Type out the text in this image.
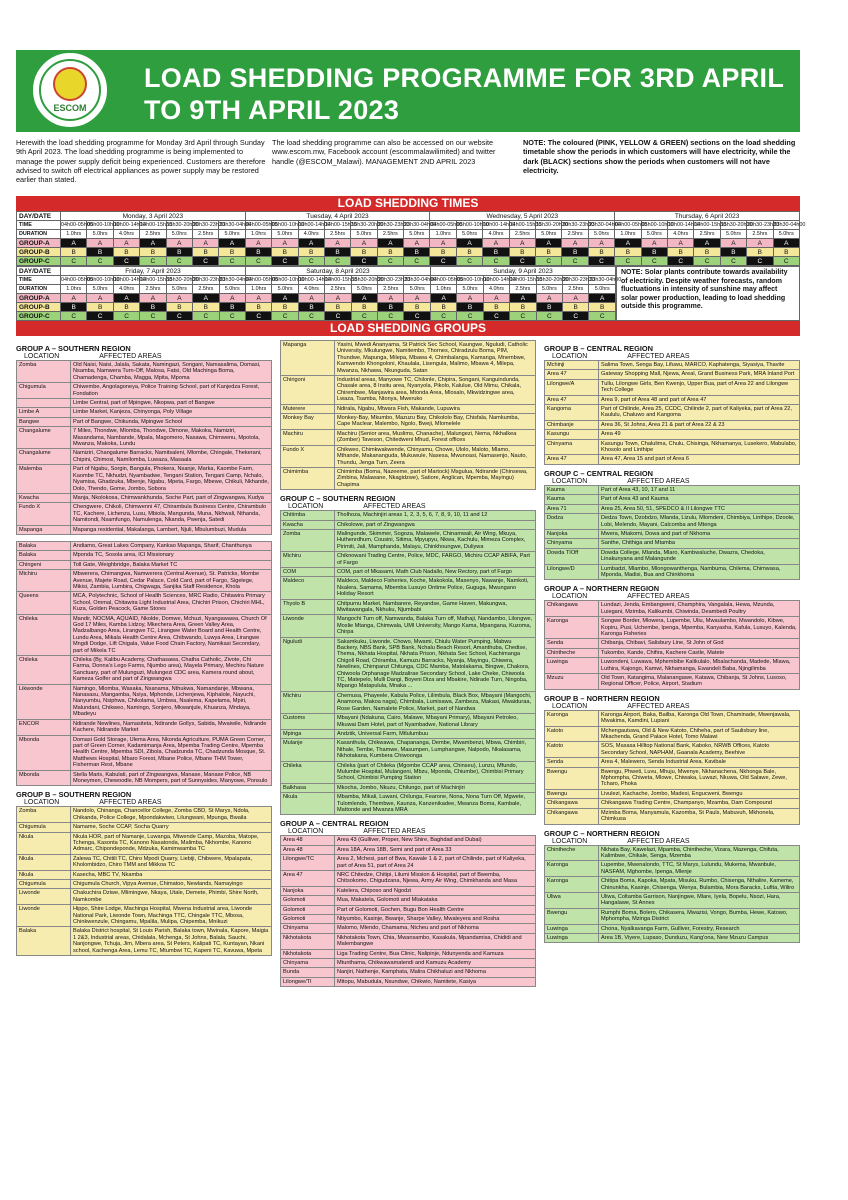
ESCOM
LOAD SHEDDING PROGRAMME FOR 3RD APRIL
TO 9TH APRIL 2023
Herewith the load shedding programme for Monday 3rd April through Sunday 9th April 2023. The load shedding programme is being implemented to manage the power supply deficit being experienced. Customers are therefore advised to switch off electrical appliances as power supply may be restored earlier than stated.
The load shedding programme can also be accessed on our website www.escom.mw, Facebook account (escommalawilimited) and twitter handle (@ESCOM_Malawi). MANAGEMENT 2ND APRIL 2023
NOTE: The coloured (PINK, YELLOW & GREEN) sections on the load shedding timetable show the periods in which customers will have electricity, while the dark (BLACK) sections show the periods when customers will not have electricity.
LOAD SHEDDING TIMES
DAY/DATE	Monday, 3 April 2023							Tuesday, 4 April 2023							Wednesday, 5 April 2023							Thursday, 6 April 2023						
TIME	04h00-05h00	05h00-10h00	10h00-14h00	14h00-15h30	15h30-20h30	20h30-23h30	23h30-04h00	04h00-05h00	05h00-10h00	10h00-14h00	14h00-15h30	15h30-20h30	20h30-23h30	23h30-04h00	04h00-05h00	05h00-10h00	10h00-14h00	14h00-15h30	15h30-20h30	20h30-23h30	23h30-04h00	04h00-05h00	05h00-10h00	10h00-14h00	14h00-15h30	15h30-20h30	20h30-23h30	23h30-04h00
DURATION	1.0hrs	5.0hrs	4.0hrs	2.5hrs	5.0hrs	2.5hrs	5.0hrs	1.0hrs	5.0hrs	4.0hrs	2.5hrs	5.0hrs	2.5hrs	5.0hrs	1.0hrs	5.0hrs	4.0hrs	2.5hrs	5.0hrs	2.5hrs	5.0hrs	1.0hrs	5.0hrs	4.0hrs	2.5hrs	5.0hrs	2.5hrs	5.0hrs
GROUP-A	A	A	A	A	A	A	A	A	A	A	A	A	A	A	A	A	A	A	A	A	A	A	A	A	A	A	A	A
GROUP-B	B	B	B	B	B	B	B	B	B	B	B	B	B	B	B	B	B	B	B	B	B	B	B	B	B	B	B	B
GROUP-C	C	C	C	C	C	C	C	C	C	C	C	C	C	C	C	C	C	C	C	C	C	C	C	C	C	C	C	C
DAY/DATE	Friday, 7 April 2023							Saturday, 8 April 2023							Sunday, 9 April 2023						
TIME	04h00-05h00	05h00-10h00	10h00-14h00	14h00-15h30	15h30-20h30	20h30-23h30	23h30-04h00	04h00-05h00	05h00-10h00	10h00-14h00	14h00-15h30	15h30-20h30	20h30-23h30	23h30-04h00	04h00-05h00	05h00-10h00	10h00-14h00	14h00-15h30	15h30-20h30	20h30-23h30	23h30-04h00
DURATION	1.0hrs	5.0hrs	4.0hrs	2.5hrs	5.0hrs	2.5hrs	5.0hrs	1.0hrs	5.0hrs	4.0hrs	2.5hrs	5.0hrs	2.5hrs	5.0hrs	1.0hrs	5.0hrs	4.0hrs	2.5hrs	5.0hrs	2.5hrs	5.0hrs
GROUP-A	A	A	A	A	A	A	A	A	A	A	A	A	A	A	A	A	A	A	A	A	A
GROUP-B	B	B	B	B	B	B	B	B	B	B	B	B	B	B	B	B	B	B	B	B	B
GROUP-C	C	C	C	C	C	C	C	C	C	C	C	C	C	C	C	C	C	C	C	C	C
NOTE: Solar plants contribute towards availability of electricity. Despite weather forecasts, random fluctuations in intensity of sunshine may affect solar power production, leading to load shedding outside this programme.
LOAD SHEDDING GROUPS
GROUP A – SOUTHERN REGION
LOCATION	AFFECTED AREAS
Zomba	Old Naisi, Naisi, Jalala, Sakata, Namingazi, Songani, Namasalima, Domasi, Nsamba, Namwera Turn-Off, Malosa, Fatsi, Old Machinga Boma, Chamadenga, Chamba, Magga, Mpita, Mpoma
Chigumula	Chiwembe, Angolagoneya, Police Training School, part of Kanjedza Forest, Fondation
	Limbe Central, part of Mpingwe, Nkopwa, part of Bangwe
Limbe A	Limbe Market, Kanjeza, Chinyonga, Poly Village
Bangwe	Part of Bangwe, Chikunda, Mpingwe School
Changalume	7 Miles, Thondwe, Mlomba, Thondwe, Dimone, Makoka, Namiziri, Masandama, Nambande, Mpala, Magomero, Nasawa, Chimwenu, Mpotola, Mwanza, Makoka, Lundu
Changalume	Namiziri, Changalume Barracks, Namitsaleni, Mlombe, Chingale, Thekerani, Chipini, Chimosi, Namilomba, Luwaza, Masaala
Malemba	Part of Ngabu, Sorgin, Bangula, Phokera, Nsanje, Marka, Kaombe Farm, Kaombe TC, Nkhudzi, Nyambadwe, Tengani Station, Tengani Camp, Nchalo, Nyamisa, Ghadzuka, Mbenje, Ngabu, Mpeta, Fargo, Mbewe, Chikuli, Nkhande, Dolo, Thendo, Gome, Jombo, Sobora
Kwacha	Manja, Nkolokosa, Chimwankhunda, Soche Part, part of Zingwangwa, Kudya
Fundo X	Chengwere, Chikoli, Chimwenni 47, Chirambula Business Centre, Chirambulo TC, Kachere, Lichenza, Lusu, Mbiola, Mangunda, Muna, Nkhwali, Nthanda, Namitondi, Nsamfungo, Namulenga, Nkanda, Pwenja, Satedi
Mapanga	Mapanga residential, Makalanga, Lambert, Njuli, Mbulumbuzi, Mudula
Balaka	Andiamo, Great Lakes Company, Kankao Mapanga, Sharif, Chanthunya
Balaka	Mponda TC, Sosola area, ICI Missionary
Chingeni	Toll Gate, Weighbridge, Balaka Market TC
Michiru	Mbwerera, Chimangwa, Namwerera (Central Avenue), St. Patricks, Mombe Avenue, Majete Road, Cedar Palace, Cold Card, part of Fargo, Sigelege, Mikisi, Zambia, Lumbira, Chigwaga, Sanjika Staff Residence, Khola
Queens	MCA, Polytechnic, School of Health Sciences, MRC Radio, Chitawira Primary School, Ommal, Chitawira Light Industrial Area, Chichiri Prison, Chichiri MHL, Kuza, Golden Peacock, Game Stores
Chileka	Mandir, NOCMA, AQUAID, Nkolde, Domwe, Mchuzi, Nyangawawa, Church Of God 17 Miles, Kamba Lidzoy, Mkechera Area, Green Valley Area, Madzalbango Area, Lirangwe TC, Lirangwe Water Board and Health Centre, Lundu Area, Mikala Health Centre Area, Chibwando, Luwya Area, Lirangwe Mngdi Dodge, Lift Chigala, Value Food Chain Factory, Namikasi Secondary, part of Mikela TC
Chileka	Chileka (By, Kalibu Academy, Chathasawa, Chatha Catholic, Zivote, Chi Farma, Donna's Lego Farms, Njumbo area), Mayela Primary, Mechiru Nature Sanctuary, part of Mulunguzi, Mulungezi CDC area, Kamera round about, Kameza Golfer and part of Zingwangwa
Likwonde	Namingo, Mlomba, Wasaka, Nsanama, Nthukwa, Namandanje, Mbwana, Nanasasu, Mangamba, Nsiya, Mphonde, Lichenjewa, Kiphalole, Nayuchi, Nanyumbu, Nsiphwa, Chikolama, Umbwa, Nsalema, Kapelama, Mpiri, Malundani, Chikweo, Namingo, Sonjero, Mkwanjule, Khuanza, Mndaya, Mbadeyu
ENCOR	Ndirande Newlines, Namasiteta, Ndirande Gollys, Sabida, Mwaiwile, Ndirande Kachere, Ndirande Market
Mbonda	Domasi Gold Storage, Ulema Area, Nkonda Agriculture, PUMA Green Corner, part of Green Corner, Kadamimanja Area, Mpemba Trading Centre, Mpemba Health Centre, Mpemba SDI, Zibola, Chadzunda TC, Chadzunda Mosque, St. Matthews Hospital, Mbaro Forest, Mbane Police, Mbane THM Tower, Fisherman Rest, Mbane
Mbonda	Stella Maris, Kabulati, part of Zingwangwa, Manase, Manase Police, NB Moneymen, Chewoodle, NB Mompers, part of Sunnysides, Manyowe, Ponsulo
GROUP B – SOUTHERN REGION
LOCATION	AFFECTED AREAS
Zomba	Nandolo, Chinanga, Chancellor College, Zomba CBD, St Marys, Ndola, Chikanda, Police College, Mpondakwiwo, Lilungwani, Mpunga, Bwaila
Chigumula	Namame, Soche CCAP, Socha Quarry
Nkula	Nkula HOR, part of Namanje, Luwanga, Mtwende Camp, Mazoba, Matope, Tchenga, Kasonta TC, Kanono Nasatonda, Malimba, Nkhombe, Kanono Admarc, Chipondeponde, Mdzuka, Kamimwamba TC
Nkula	Zalewa TC, Chitili TC, Chiro Mpodi Quarry, Liebiji, Chibwere, Mpalapata, Kholombidzo, Chiro TMM and Mikkoa TC
Nkula	Kasecha, MBC TV, Nkamba
Chigumula	Chigumula Church, Vipya Avenue, Chimatoo, Newlands, Namayingo
Liwonde	Chakuchira Dziwe, Mlimingwe, Nkaya, Utale, Demete, Phimbi, Shire North, Namkombe
Liwonde	Hippo, Shire Lodge, Machinga Hospital, Mwena Industrial area, Liwonde National Park, Liwonde Town, Machinga TTC, Chingale TTC, Mbosa, Chinkwenzule, Chingamu, Mpalila, Mulipa, Chipemba, Mnikuzi
Balaka	Balaka District hospital, St Louis Parish, Balaka town, Mwinala, Kapore, Maigia 1 2&3, Industrial areas, Chidalala, Mchenga, St Johns, Balala, Sauchi, Nanjongwe, Tchuja, Jim, Mbera area, St Peters, Kalipati TC, Kuntayan, Nkani school, Kachenga Area, Lemu TC, Mtumbwi TC, Kapeni TC, Kavuwa, Mpeta
Mapanga	Yasini, Mwedi Ananyama, St Patrick Sec School, Kaungwe, Nguludi, Catholic University, Mkulungwe, Namitembo, Thornes, Chiradzulu Boma, PIM, Thundwe, Mapunga, Milepa, Mbawa 4, Chimbalanga, Kamanga, Mnembwe, Kamwendo Khongoloni, Khaulala, Lisengula, Malimo, Mbawa 4, Milepa, Mwanza, Nkhawa, Nkunguda, Satan
Chirigoni	Industrial areas, Manyowe TC, Chilonle, Chipira, Songani, Kanguindunda, Chasale area, 8 Insitu area, Nyanyola, Pikolo, Kalulue, Old Mimu, Chikala, Chirembwe, Manjawira area, Mtonda Area, Mlosalo, Mkwidzingwe area, Lwaza, Tsamba, Ntonya, Mweruko
Muterere	Ndirala, Ngabu, Mtwara Fish, Makande, Lupuwira
Monkey Bay	Monkey-Bay, Mkumbo, Mazuzu Bay, Chikololo Bay, Chisfala, Namkumba, Cape Maclear, Malembo, Ngolo, Bweji, Mlomelele
Machiru	Machiru (Senior area, Muslims, Chanache), Malungezi, Nema, Nkhalkea (Zomber) Taveson, Chitedweni Mhud, Forest offices
Fundo X	Chikweo, Chimkwakwende, Chinyamu, Chowe, Ulolo, Maloto, Mlamo, Mthande, Makananguda, Mukuwule, Nasesa, Mwunoasi, Namasenjo, Nauto, Thundu, Jenga Turn, Zeera
Chimimba	Chimimba (Boma, Nazeeme, part of Martock) Msgulua, Ndirande (Chinsewa, Zimbina, Malawane, Nkagidzwe), Satiore, Anglican, Mpemba, Mayingu) Chapima
GROUP C – SOUTHERN REGION
LOCATION	AFFECTED AREAS
Chitimba	Tholhoza, Machinjiri areas 1, 2, 3, 5, 6, 7, 8, 9, 10, 11 and 12
Kwacha	Chikolowe, part of Zingwangwa
Zomba	Malingunde, Skimmer, Sogoza, Malawele, Chinamwali, Air Wing, Mkuya, Huthenrdhum, Cousini, Sitima, Mpyupyu, Nkwa, Kachulu, Mimeza Complex, Pirimiti, Jali, Mamphanda, Malayu, Chinkhoungwe, Duliywa
Michiru	Chiknowani Trading Centre, Police, MDC, FARGO, Michiru CCAP ABIFA, Part of Fargo
COM	COM, part of Mkasami, Math Club Nadallo, New Rectory, part of Fargo
Maldeco	Maldeco, Maldeco Fisheries, Koche, Makokola, Masenyo, Nawanje, Namkoti, Nsalera, Samama, Mbemba Lusuyo Ontime Police, Guguga, Mwungano Holiday Resort
Thyolo B	Chitpurnu Market, Nambarere, Reyandse, Game Haven, Makungwa, Mwitawangala, Nkhuku, Njumbabi
Liwonde	Mangochi Turn off, Namwanda, Balaka Turn off, Mathaji, Nandambo, Lilongwe, Moslie Mtanga, Chimwala, UMI University, Mango Kama, Mpangana, Kuzoma, Chirpa
Nguludi	Sakamkuku, Liwonde, Chowo, Mwami, Chiulu Water Pumping, Mabwu Backery, NBS Bank, SPB Bank, Nchalu Beach Resort, Amanthuba, Chedise, Thema, Nkhata Hospital, Nkhata Prison, Nkhata Sec School, Kachimanga Chigoli Road, Chiramba, Kamuzu Barracks, Nyanja, Mayingu, Chiwera, Newlines, Chimpanzi Chitunga, CDC Mamba, Matolakama, Bingwe, Chakora, Chiwoola Orphanage Madzalirae Secondary School, Lake Cheke, Chiwoola TC, Matepelo, Mulli Dangi, Boyeni Diza and Mbakire, Ndirade Turn, Ningoba, Mpango Matapulula, Mnaka ...
Michiru	Chemusa, Phayeele, Kabula Police, Lilimbula, Black Box, Mbayani (Mangochi, Anamona, Makoa naga), Chimbala, Lumisawa, Zambeza, Makasi, Mwaiduraa, Rose Garden, Namalete Police, Market, part of Nandwa
Customs	Mbayani (Ndakuna, Cairo, Malawe, Mbayani Primary), Mbayani Petroleo, Mkuwai Dam Hotel, part of Nyambadwe, National Library
Mpinga	Andziik, Universal Farm, Mtlulumbuu
Mulanje	Kasanthula, Chikwawa, Chapananga, Dembe, Mwambenzi, Mbwa, Chimbiri, Nthale, Tembe, Thamwe, Masumpen, Lumphangwe, Nalpodo, Nkalasama, Nkhotakana, Kumbera Chiwoonga
Chileka	Chileka (part of Chileka (Mgombe CCAP area, Chinseu), Lunzu, Mfundo, Mulumbe Hospital, Mulangeni, Mbzu, Mponda, Chiumbe), Chimbisi Primary School, Chimbisi Pumping Station
Balkhasa	Mkocha, Jombo, Nkuzu, Chilungo, part of Machinjiri
Nkula	Mbamba, Mikali, Luwani, Chilunga, Fearone, Nona, Nona Turn Off, Mgwete, Tulomlendo, Thembwe, Kaunza, Kanzenikadee, Mwanza Boma, Kambale, Mattonde and Mwanza MRA
GROUP A – CENTRAL REGION
LOCATION	AFFECTED AREAS
Area 48	Area 43 (Gulliver, Proper, New Shire, Baghdad and Dubai)
Area 48	Area 18A, Area 18B, Semi and part of Area 33
Lilongwe/TC	Area 2, Mchesi, part of Bwa, Kawale 1 & 2, part of Chilinde, part of Kaliyeka, part of Area 51, part of Area 24
Area 47	NRC Chitedze, Chitipi, Lilumi Mission & Hospital, part of Bwemba, Chitsokomo, Chigudzana, Njewa, Army Air Wing, Chimkhanda and Masa
Nanjoka	Katelera, Chiposo and Ngodzi
Golomoti	Mua, Makatela, Golomoti and Mtakataka
Golomoti	Part of Golomoti, Gochen, Bugu Bon Health Centre
Golomoti	Ntiyumbo, Kasinje, Bwanje, Sharpe Valley, Mwaleyera and Rosha
Chinyama	Malomo, Mlendo, Chamama, Ntcheu and part of Nkhoma
Nkhotakota	Nkhotakota Town, Chia, Mwansambo, Kasakula, Mpandamisa, Chididi and Malembangwe
Nkhotakota	Liga Trading Centre, Bua Clinic, Nalipinje, Ndunyenda and Kamuza
Chinyama	Mtunthama, Chikwawamatendi and Kamuzu Academy
Bunda	Nanjiri, Nathenje, Kamphata, Malira Chikhaluzi and Nkhoma
Lilongwe/TI	Mitopu, Mabudula, Nsundwe, Chikwio, Namitete, Kasiya
GROUP B – CENTRAL REGION
LOCATION	AFFECTED AREAS
Mchinji	Salima Town, Senga Bay, Lifuwu, MARCO, Kaphatenga, Siyasiya, Thavite
Area 47	Gateway Shopping Mall, Njewa, Areal, Grand Business Park, MRA Inland Port
Lilongwe/A	Tullu, Lilongwe Girls, Ben Kwenjo, Upper Bua, part of Area 22 and Lilongwe Tech College
Area 47	Area 9, part of Area 48 and part of Area 47
Kangoma	Part of Chilinde, Area 25, CCDC, Chilinde 2, part of Kaliyeka, part of Area 22, Kaululu, Chaluwo and Kangoma
Chimbanje	Area 36, St Johns, Area 21 & part of Area 22 & 23
Kasungu	Area 49
Chinyama	Kasungu Town, Chalulima, Chulu, Chisinga, Nkhamanya, Lusekero, Mabulabo, Khosolo and Linthipe
Area 47	Area 47, Area 15 and part of Area 6
GROUP C – CENTRAL REGION
LOCATION	AFFECTED AREAS
Kauma	Part of Area 43, 10, 17 and 11
Kauma	Part of Area 43 and Kauma
Area 71	Area 25, Area 50, 51, SPEDCO & II Lilongwe TTC
Dodza	Dedza Town, Dzobdzo, Mlanda, Lizulu, Mlomdeni, Chimbiya, Linthipe, Dzoole, Lobi, Melendo, Mayani, Calcomba and Mtenga
Nanjoka	Mwera, Mtakomi, Dowa and part of Nkhoma
Chinyama	Santhe, Chithiga and Mtamba
Dowda TIOff	Dowda College, Mlanda, Mlaro, Kambwaluche, Dwazra, Chedoka, Linakunyana and Malangunde
Lilongwe/D	Lumbadzi, Mlambo, Mlongowanthenga, Nambuma, Chilema, Chimwasa, Mponda, Madisi, Bua and Chinkhoma
GROUP A – NORTHERN REGION
LOCATION	AFFECTED AREAS
Chikangawa	Lundazi, Jenda, Embangweni, Champhira, Vangalala, Hewa, Mzunda, Luiegani, Mzimba, Kalikumbi, Chiwinda, Deambedi Poultry
Karonga	Songwe Border, Mlowera, Lupembe, Uliu, Mwaulambo, Mwandolo, Kibwe, Kopiru, Pusi, Uchembe, Ipenga, Mpemba, Kanyasha, Kafula, Lusuyo, Kalenda, Karonga Fisheries
Senda	Chibanja, Chibavi, Salisbury Line, St John of God
Chintheche	Tukombo, Kande, Chifira, Kachere Castle, Matete
Luwinga	Luwondeni, Luwawa, Mphembibe Kalikulalo, Mbalachanda, Madede, Mlawa, Luthira, Kajongo, Kamwi, Nkhamanga, Ewandeli Baba, Njingilimba
Mzuzu	Old Town, Katangima, Malanangawe, Katawa, Chibanja, St Johns, Lusoso, Regional Officer, Police, Airport, Stadium
GROUP B – NORTHERN REGION
LOCATION	AFFECTED AREAS
Karonga	Karonga Airport, Baka, Bailba, Karonga Old Town, Chaminade, Mwenjawala, Mwakima, Kamdini, Lupiani
Katoto	Mchengautuwa, Old & New Katoto, Chiheha, part of Saulisbury line, Mkachenda, Grand Palace Hotel, Tomo Malawi
Katoto	SOS, Masasa Hilltop National Bank, Kaboko, NRWB Offices, Katoto Secondary School, NAPHAM, Gaanala Academy, Beehive
Senda	Area 4, Malewero, Senda Industrial Area, Kavibale
Bwengu	Bwengu, Phweti, Luvu, Mhuju, Mwenye, Nkhanachena, Nkhonga Bale, Mphompha, Chiweta, Mlowe, Chiwaka, Luwazi, Nkuwa, Old Salawe, Zewe, Tcharo, Phoka
Bwengu	Livulezi, Kachache, Jombo, Madesi, Engucweni, Bwengu
Chikangawa	Chikangawa Trading Centre, Champanyo, Mzamba, Dam Compound
Chikangawa	Mzimba Boma, Manyamula, Kazomba, St Pauls, Mabuvuh, Mkhonela, Chimkusa
GROUP C – NORTHERN REGION
LOCATION	AFFECTED AREAS
Chintheche	Nkhata Bay, Kawelazi, Mpamba, Chintheche, Vizara, Mazenga, Chifuta, Kalimbwe, Chikale, Senga, Mzemba
Karonga	Lupembe, Mwenalondo, TTC, St Marys, Lulundu, Mukema, Mwanbule, NASFAM, Mghombe, Ipenga, Mlenje
Karonga	Chitipa Boma, Kapoka, Mpata, Misuku, Rumbo, Chisenga, Nthalire, Kameme, Chinunkha, Kasinje, Chisenga, Wenya, Bulambia, Mora Baracks, Lufita, Wiliro
Uliwa	Uliwa, Coltamba Garrison, Nanjingwe, Mlare, Iyela, Bopelu, Nsozi, Hara, Hangalawe, St Annes
Bwengu	Rumphi Boma, Bolero, Chikasera, Mwazisi, Vongo, Bumba, Hewe, Katowo, Mphompha, Mzinga District
Luwinga	Chona, Nyalkavanga Farm, Gulliver, Forestry, Research
Luwinga	Area 1B, Viyere, Lupaso, Dunduzu, Kang'ona, New Mzuzu Campus
